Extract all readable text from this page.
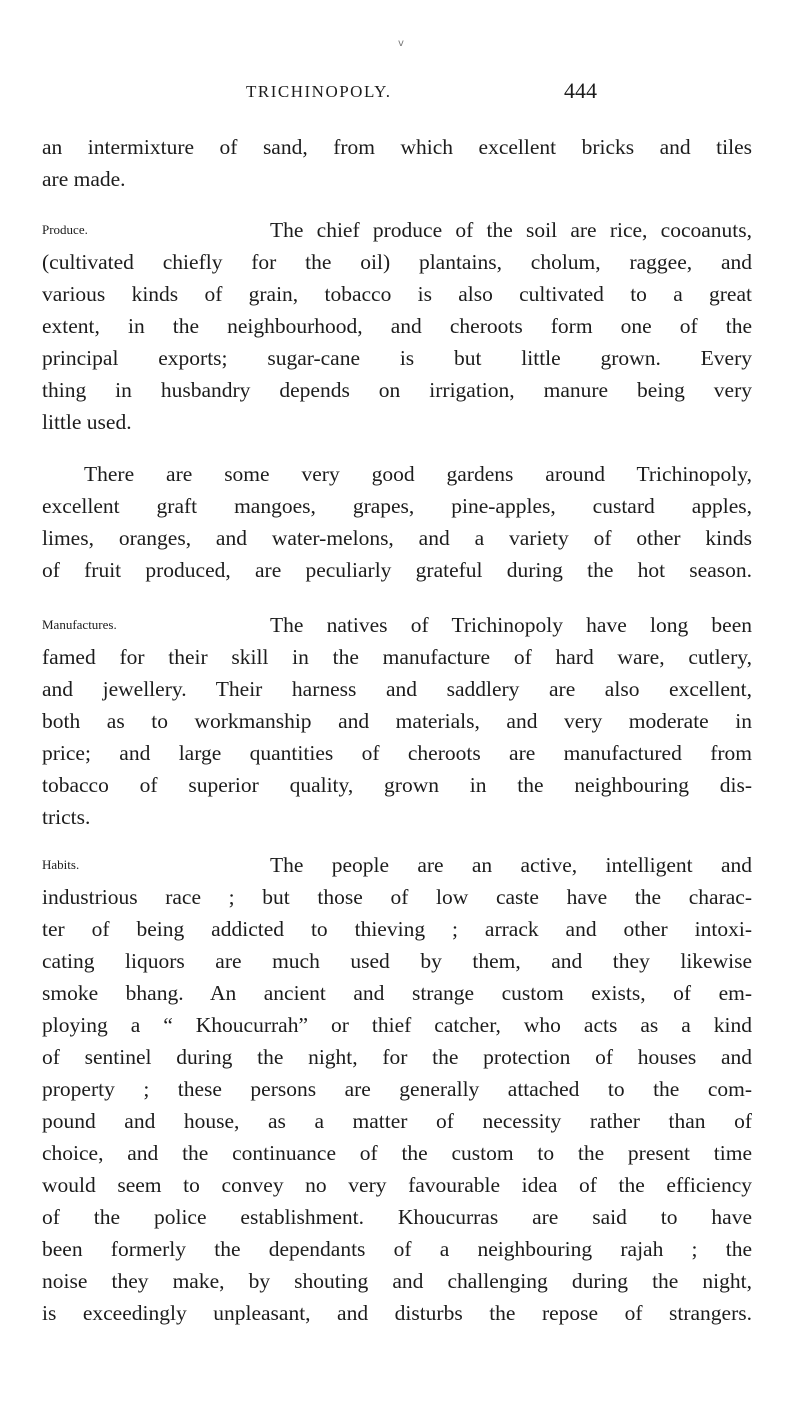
v
TRICHINOPOLY.	444
an intermixture of sand, from which excellent bricks and tiles
are made.
Produce.	The chief produce of the soil are rice, cocoanuts,
(cultivated chiefly for the oil) plantains, cholum, raggee, and
various kinds of grain, tobacco is also cultivated to a great
extent, in the neighbourhood, and cheroots form one of the
principal exports; sugar-cane is but little grown. Every
thing in husbandry depends on irrigation, manure being very
little used.
There are some very good gardens around Trichinopoly,
excellent graft mangoes, grapes, pine-apples, custard apples,
limes, oranges, and water-melons, and a variety of other kinds
of fruit produced, are peculiarly grateful during the hot season.
Manufactures.	The natives of Trichinopoly have long been
famed for their skill in the manufacture of hard ware, cutlery,
and jewellery. Their harness and saddlery are also excellent,
both as to workmanship and materials, and very moderate in
price; and large quantities of cheroots are manufactured from
tobacco of superior quality, grown in the neighbouring dis-
tricts.
Habits.	The people are an active, intelligent and
industrious race ; but those of low caste have the charac-
ter of being addicted to thieving ; arrack and other intoxi-
cating liquors are much used by them, and they likewise
smoke bhang. An ancient and strange custom exists, of em-
ploying a “ Khoucurrah” or thief catcher, who acts as a kind
of sentinel during the night, for the protection of houses and
property ; these persons are generally attached to the com-
pound and house, as a matter of necessity rather than of
choice, and the continuance of the custom to the present time
would seem to convey no very favourable idea of the efficiency
of the police establishment. Khoucurras are said to have
been formerly the dependants of a neighbouring rajah ; the
noise they make, by shouting and challenging during the night,
is exceedingly unpleasant, and disturbs the repose of strangers.
